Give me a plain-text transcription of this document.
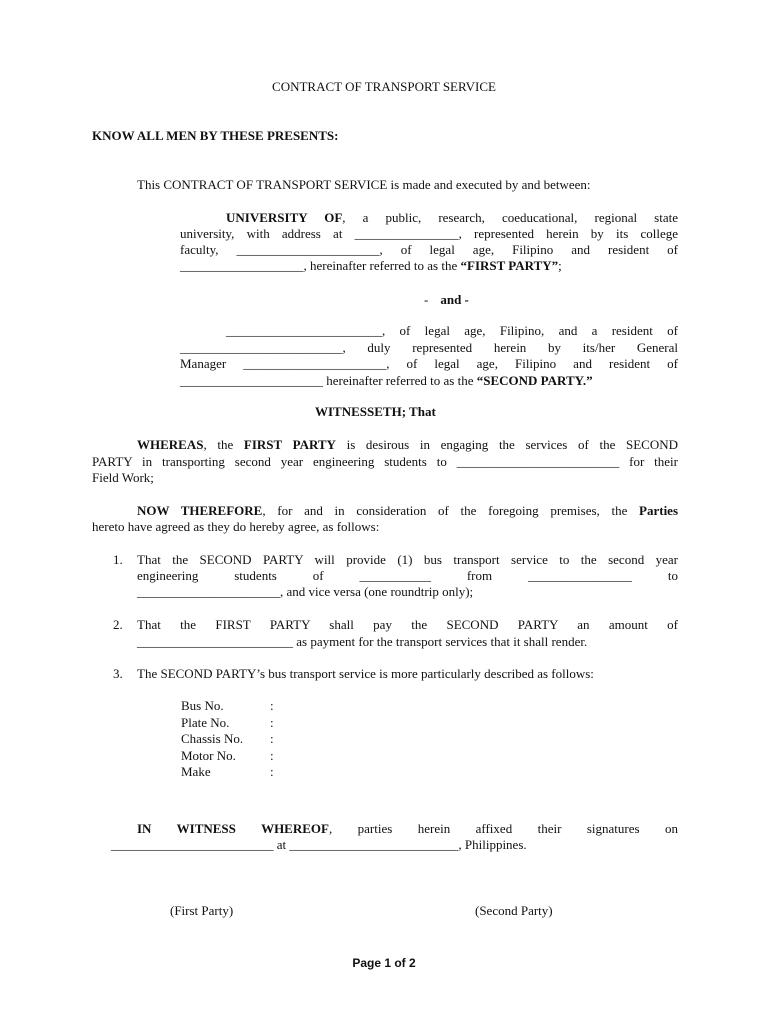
CONTRACT OF TRANSPORT SERVICE
KNOW ALL MEN BY THESE PRESENTS:
This CONTRACT OF TRANSPORT SERVICE is made and executed by and between:
UNIVERSITY OF, a public, research, coeducational, regional state
university, with address at ________________, represented herein by its college
faculty, ______________________, of legal age, Filipino and resident of
___________________, hereinafter referred to as the “FIRST PARTY”;
- and -
________________________, of legal age, Filipino, and a resident of
_________________________, duly represented herein by its/her General
Manager ______________________, of legal age, Filipino and resident of
______________________ hereinafter referred to as the “SECOND PARTY.”
WITNESSETH; That
WHEREAS, the FIRST PARTY is desirous in engaging the services of the SECOND
PARTY in transporting second year engineering students to _________________________ for their
Field Work;
NOW THEREFORE, for and in consideration of the foregoing premises, the Parties
hereto have agreed as they do hereby agree, as follows:
1. That the SECOND PARTY will provide (1) bus transport service to the second year
engineering students of ___________ from ________________ to
______________________, and vice versa (one roundtrip only);
2. That the FIRST PARTY shall pay the SECOND PARTY an amount of
________________________ as payment for the transport services that it shall render.
3. The SECOND PARTY’s bus transport service is more particularly described as follows:
Bus No.	:
Plate No.	:
Chassis No. :
Motor No.	:
Make	:
IN WITNESS WHEREOF, parties herein affixed their signatures on
_________________________ at __________________________, Philippines.
(First Party)	(Second Party)
Page 1 of 2
